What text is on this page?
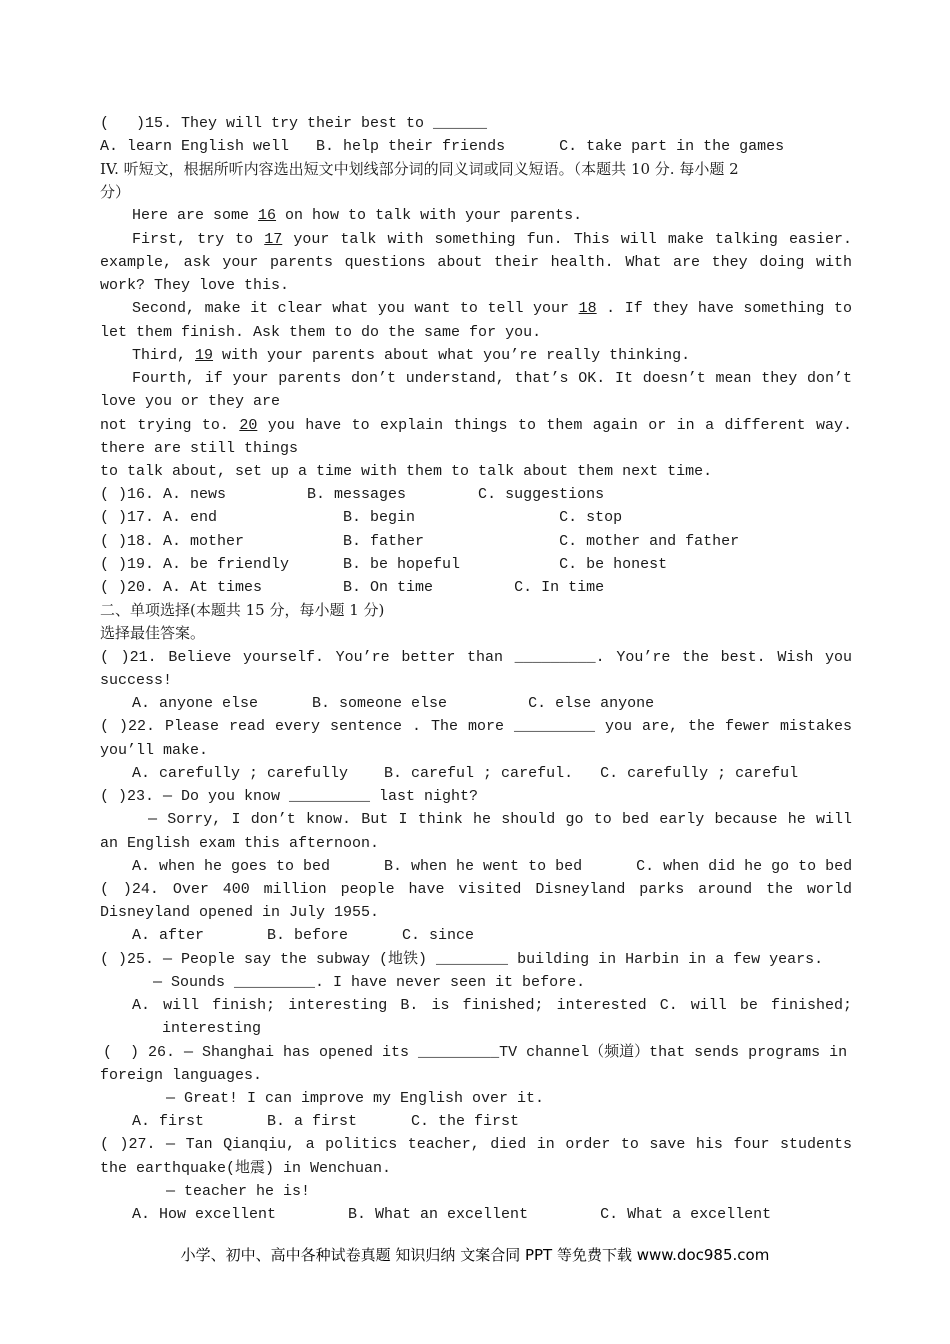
(   )15. They will try their best to ______
A. learn English well   B. help their friends      C. take part in the games
IV. 听短文，根据所听内容选出短文中划线部分词的同义词或同义短语。（本题共 10 分. 每小题 2
分）
Here are some 16 on how to talk with your parents.
First, try to 17 your talk with something fun. This will make talking easier.
example, ask your parents questions about their health. What are they doing with
work? They love this.
Second, make it clear what you want to tell your 18 . If they have something to
let them finish. Ask them to do the same for you.
Third, 19 with your parents about what you’re really thinking.
Fourth, if your parents don’t understand, that’s OK. It doesn’t mean they don’t
love you or they are
not trying to. 20 you have to explain things to them again or in a different way.
there are still things
to talk about, set up a time with them to talk about them next time.
( )16. A. news         B. messages        C. suggestions
( )17. A. end              B. begin                C. stop
( )18. A. mother           B. father               C. mother and father
( )19. A. be friendly      B. be hopeful           C. be honest
( )20. A. At times         B. On time         C. In time
二、单项选择(本题共 15 分，每小题 1 分)
选择最佳答案。
( )21. Believe yourself. You’re better than _________. You’re the best. Wish you
success!
A. anyone else      B. someone else         C. else anyone
( )22. Please read every sentence . The more _________ you are, the fewer mistakes
you’ll make.
A. carefully ; carefully    B. careful ; careful.   C. carefully ; careful
( )23. — Do you know _________ last night?
— Sorry, I don’t know. But I think he should go to bed early because he will
an English exam this afternoon.
A. when he goes to bed      B. when he went to bed      C. when did he go to bed
( )24. Over 400 million people have visited Disneyland parks around the world
Disneyland opened in July 1955.
A. after       B. before      C. since
( )25. — People say the subway (地铁) ________ building in Harbin in a few years.
— Sounds _________. I have never seen it before.
A. will finish; interesting B. is finished; interested C. will be finished;
interesting
(  ) 26. — Shanghai has opened its _________TV channel（频道）that sends programs in
foreign languages.
— Great! I can improve my English over it.
A. first       B. a first      C. the first
( )27. — Tan Qianqiu, a politics teacher, died in order to save his four students
the earthquake(地震) in Wenchuan.
— teacher he is!
A. How excellent        B. What an excellent        C. What a excellent
小学、初中、高中各种试卷真题 知识归纳 文案合同 PPT 等免费下载 www.doc985.com
